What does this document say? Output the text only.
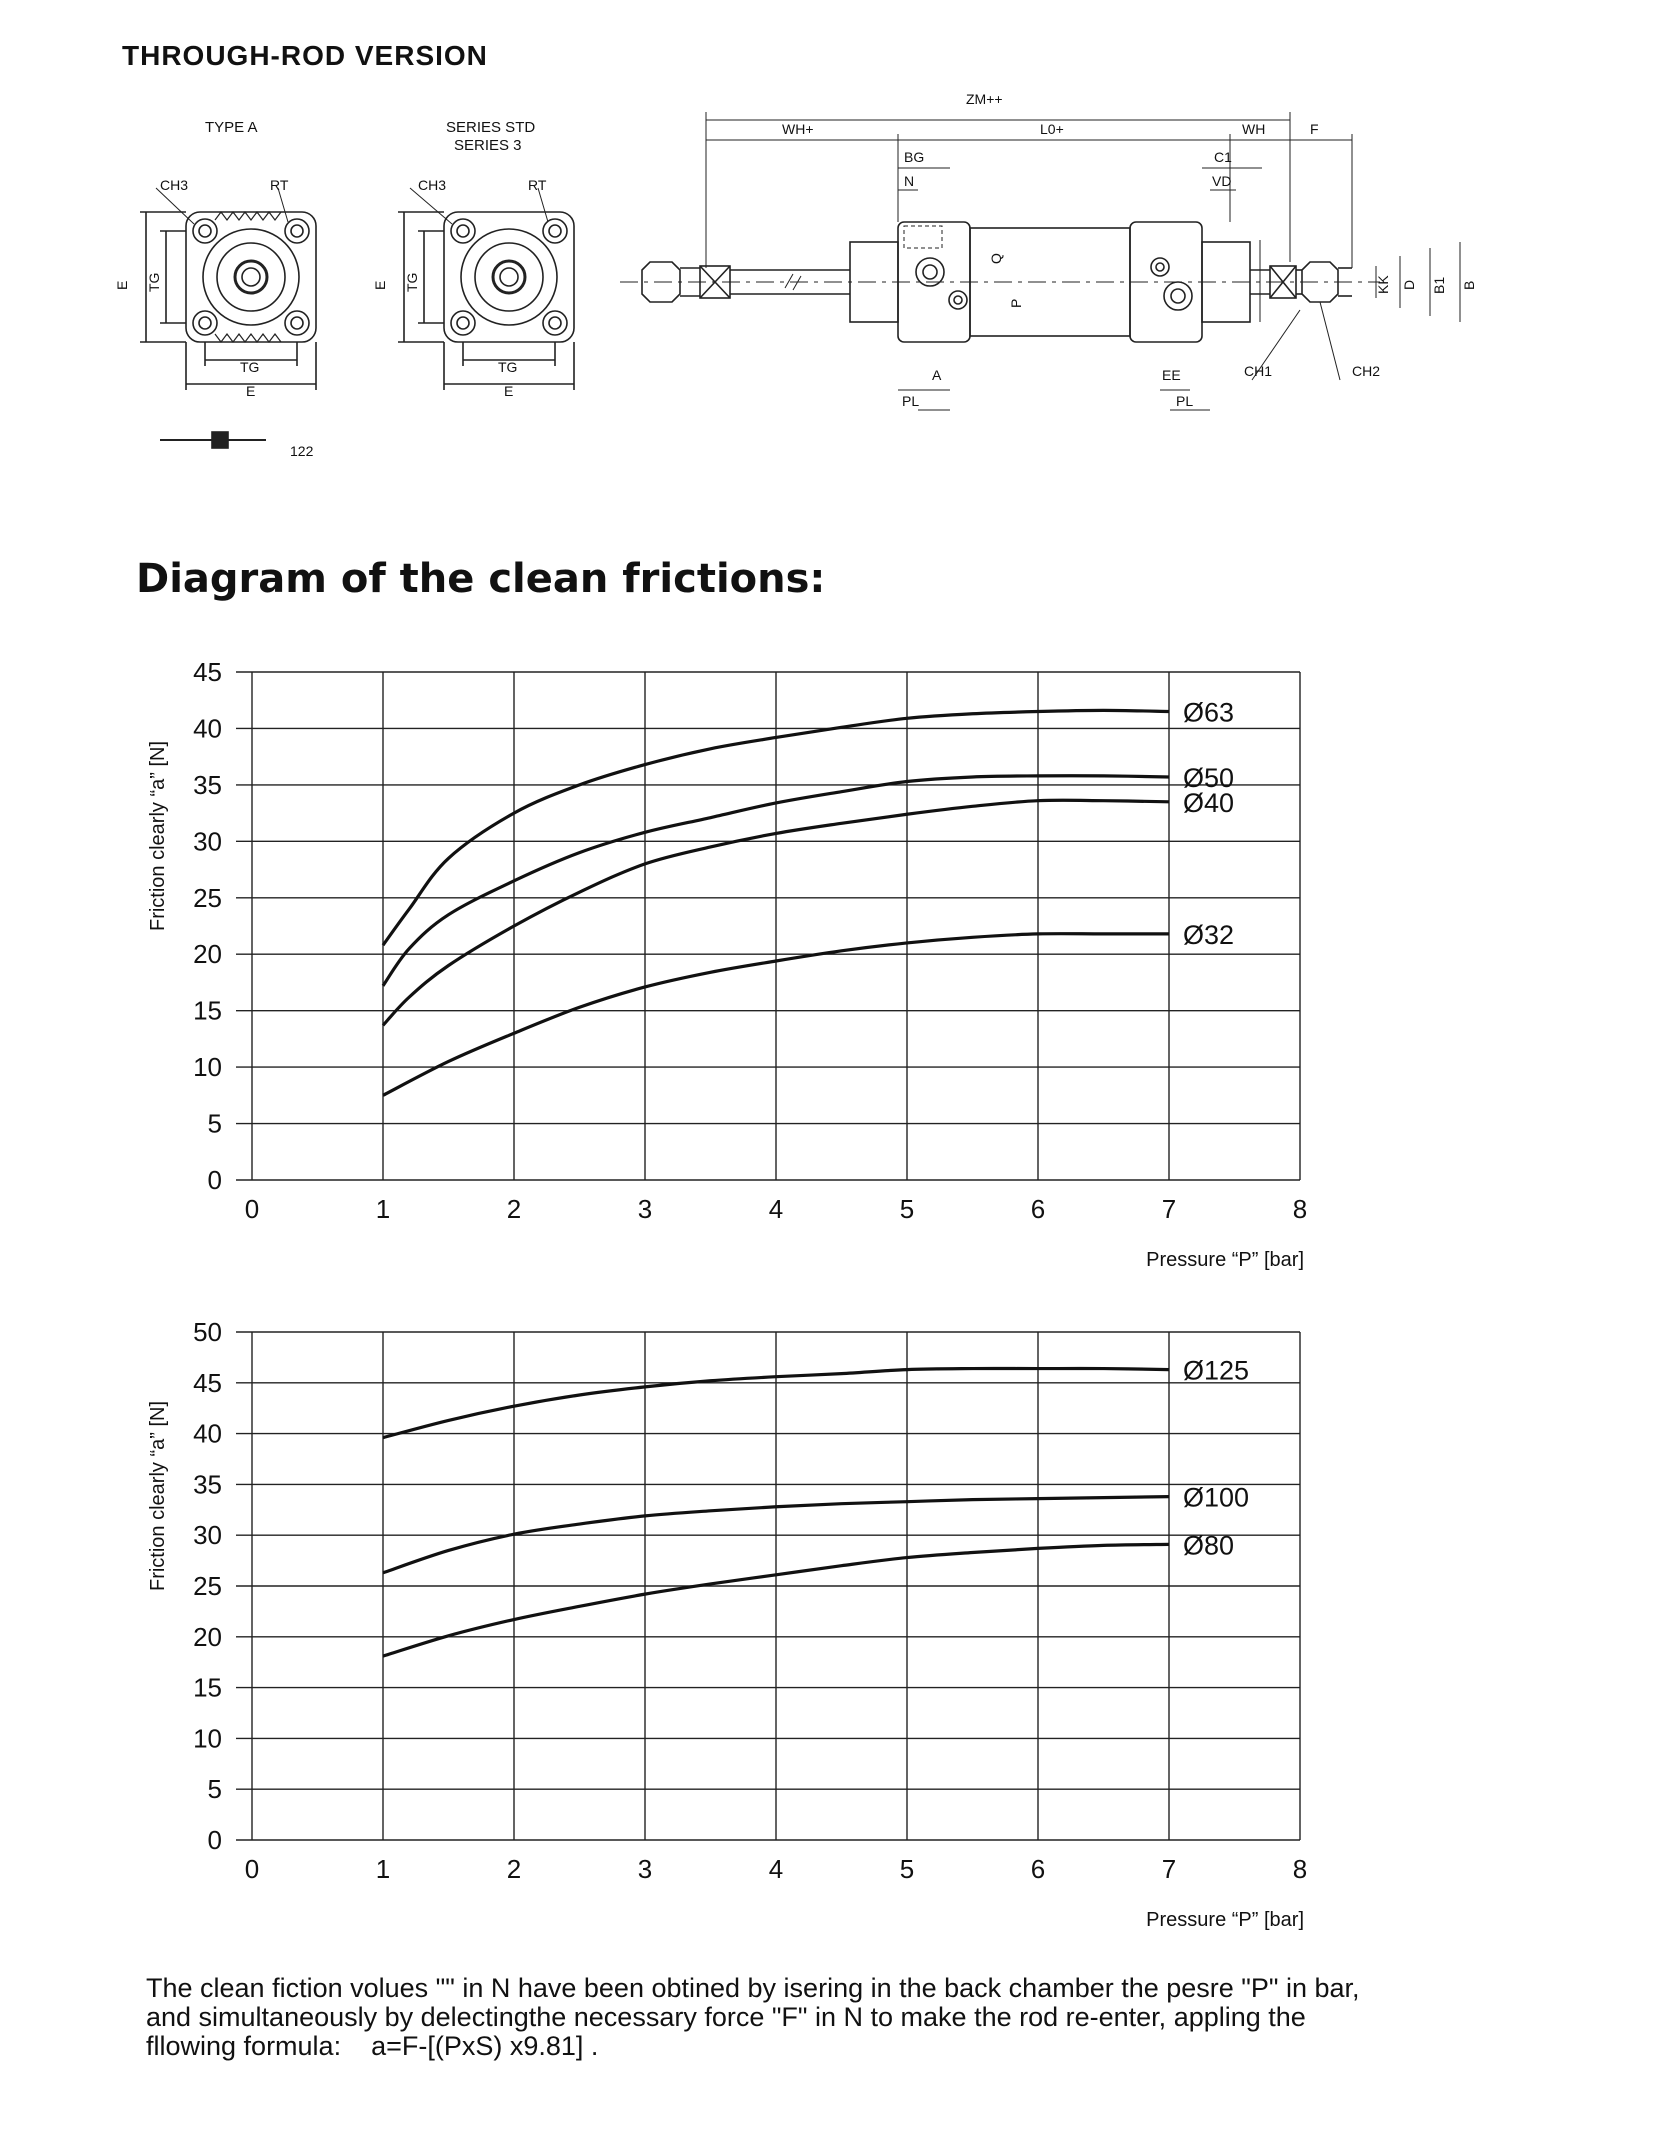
THROUGH-ROD VERSION
TYPE A
CH3	RT
E TG
TG
E
122
SERIES STD
SERIES 3
CH3	RT
E TG
TG
E
ZM++
WH+	L0+	WH	F
BG	C1
N	VD
A
PL
EE
PL
CH1	CH2
Q
P
KK D B1 B
Diagram of the clean frictions:
0	1	2	3	4	5	6	7	8
0
5
10
15
20
25
30
35
40
45
Friction clearly “a” [N]
Pressure “P” [bar]
Ø63
Ø50
Ø40
Ø32
0	1	2	3	4	5	6	7	8
0
5
10
15
20
25
30
35
40
45
50
Friction clearly “a” [N]
Pressure “P” [bar]
Ø125
Ø100
Ø80
The clean fiction volues "" in N have been obtined by isering in the back chamber the pesre "P" in bar,
and simultaneously by delectingthe necessary force "F" in N to make the rod re-enter, appling the
fllowing formula:    a=F-[(PxS) x9.81] .
